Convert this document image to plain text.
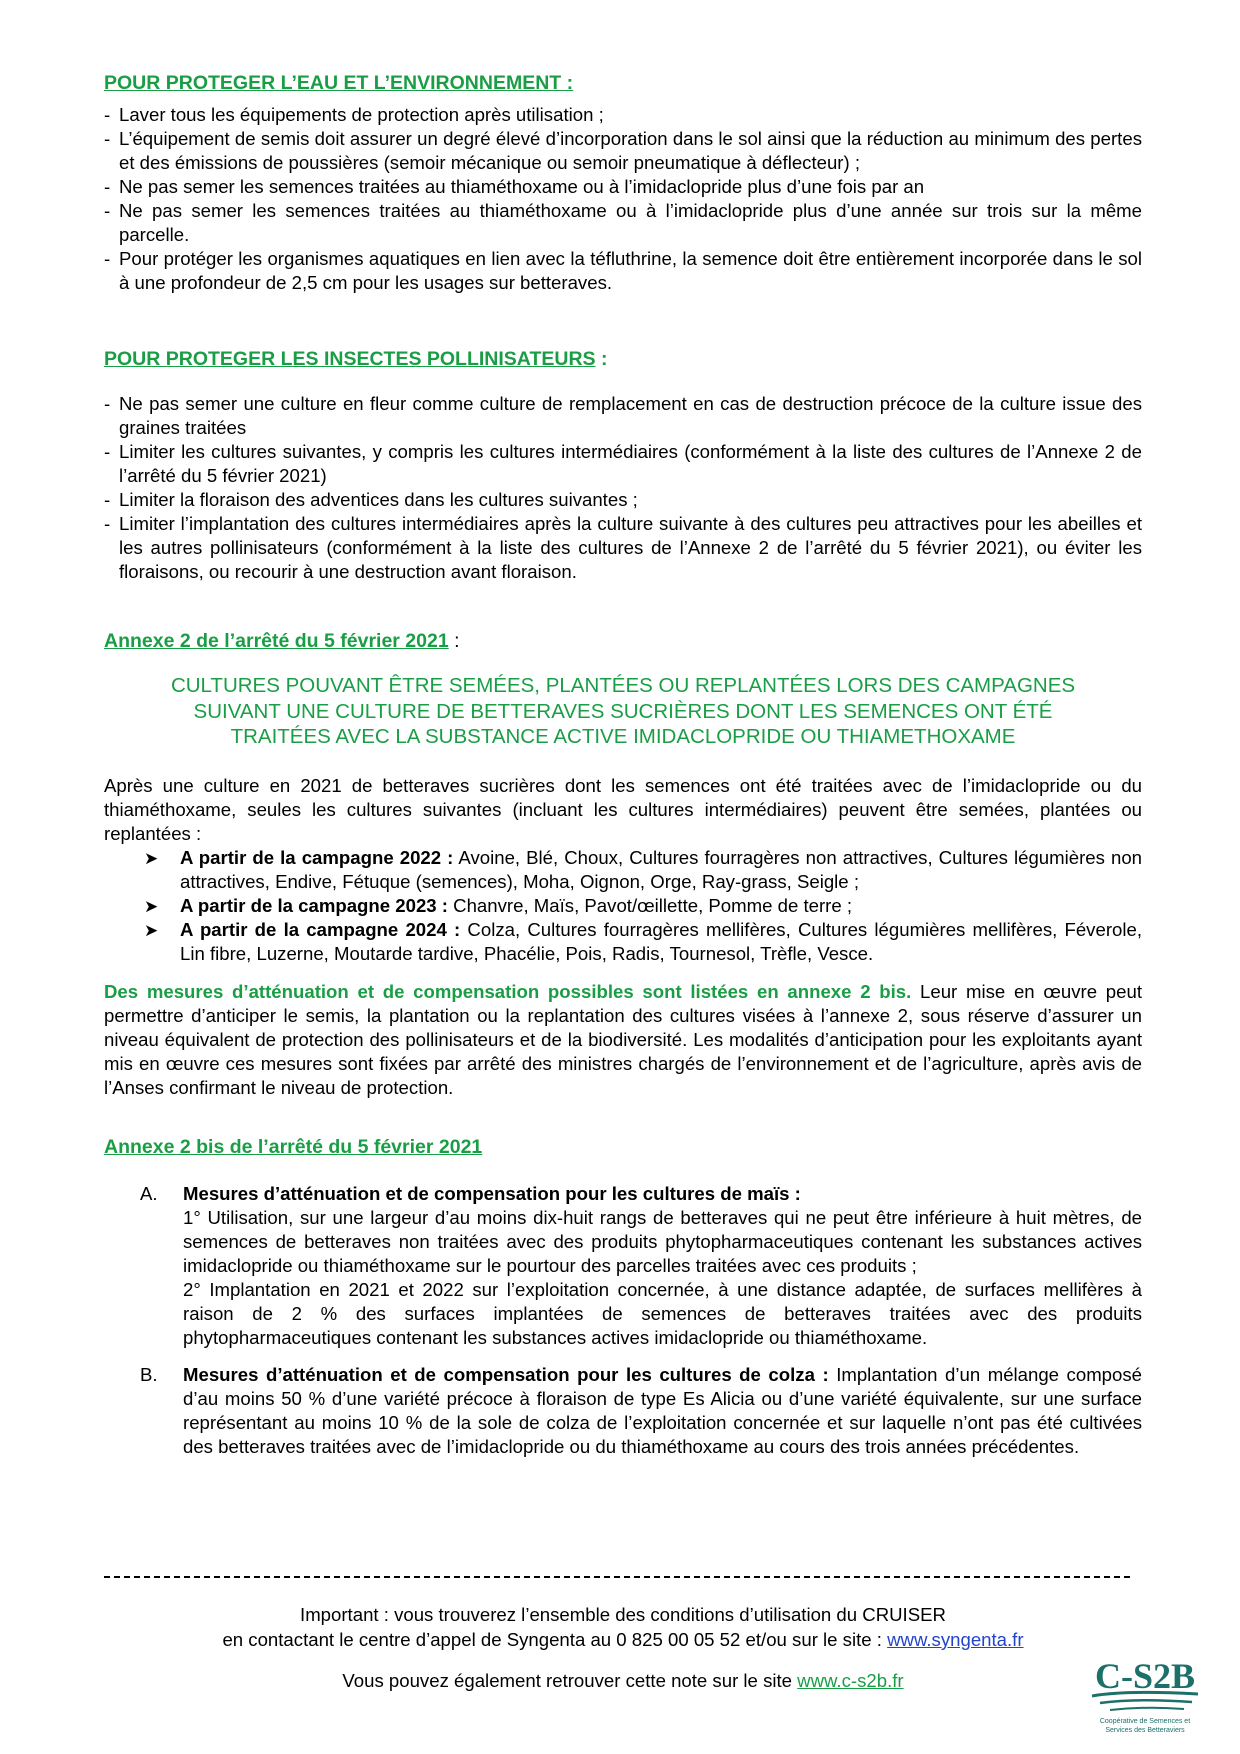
POUR PROTEGER L’EAU ET L’ENVIRONNEMENT :
- Laver tous les équipements de protection après utilisation ;
- L’équipement de semis doit assurer un degré élevé d’incorporation dans le sol ainsi que la réduction au minimum des pertes et des émissions de poussières (semoir mécanique ou semoir pneumatique à déflecteur) ;
- Ne pas semer les semences traitées au thiaméthoxame ou à l’imidaclopride plus d’une fois par an
- Ne pas semer les semences traitées au thiaméthoxame ou à l’imidaclopride plus d’une année sur trois sur la même parcelle.
- Pour protéger les organismes aquatiques en lien avec la téfluthrine, la semence doit être entièrement incorporée dans le sol à une profondeur de 2,5 cm pour les usages sur betteraves.
POUR PROTEGER LES INSECTES POLLINISATEURS :
- Ne pas semer une culture en fleur comme culture de remplacement en cas de destruction précoce de la culture issue des graines traitées
- Limiter les cultures suivantes, y compris les cultures intermédiaires (conformément à la liste des cultures de l’Annexe 2 de l’arrêté du 5 février 2021)
- Limiter la floraison des adventices dans les cultures suivantes ;
- Limiter l’implantation des cultures intermédiaires après la culture suivante à des cultures peu attractives pour les abeilles et les autres pollinisateurs (conformément à la liste des cultures de l’Annexe 2 de l’arrêté du 5 février 2021), ou éviter les floraisons, ou recourir à une destruction avant floraison.
Annexe 2 de l’arrêté du 5 février 2021 :
CULTURES POUVANT ÊTRE SEMÉES, PLANTÉES OU REPLANTÉES LORS DES CAMPAGNES
SUIVANT UNE CULTURE DE BETTERAVES SUCRIÈRES DONT LES SEMENCES ONT ÉTÉ
TRAITÉES AVEC LA SUBSTANCE ACTIVE IMIDACLOPRIDE OU THIAMETHOXAME
Après une culture en 2021 de betteraves sucrières dont les semences ont été traitées avec de l’imidaclopride ou du thiaméthoxame, seules les cultures suivantes (incluant les cultures intermédiaires) peuvent être semées, plantées ou replantées :
➤ A partir de la campagne 2022 : Avoine, Blé, Choux, Cultures fourragères non attractives, Cultures légumières non attractives, Endive, Fétuque (semences), Moha, Oignon, Orge, Ray-grass, Seigle ;
➤ A partir de la campagne 2023 : Chanvre, Maïs, Pavot/œillette, Pomme de terre ;
➤ A partir de la campagne 2024 : Colza, Cultures fourragères mellifères, Cultures légumières mellifères, Féverole, Lin fibre, Luzerne, Moutarde tardive, Phacélie, Pois, Radis, Tournesol, Trèfle, Vesce.
Des mesures d’atténuation et de compensation possibles sont listées en annexe 2 bis. Leur mise en œuvre peut permettre d’anticiper le semis, la plantation ou la replantation des cultures visées à l’annexe 2, sous réserve d’assurer un niveau équivalent de protection des pollinisateurs et de la biodiversité. Les modalités d’anticipation pour les exploitants ayant mis en œuvre ces mesures sont fixées par arrêté des ministres chargés de l’environnement et de l’agriculture, après avis de l’Anses confirmant le niveau de protection.
Annexe 2 bis de l’arrêté du 5 février 2021
A. Mesures d’atténuation et de compensation pour les cultures de maïs :
1° Utilisation, sur une largeur d’au moins dix-huit rangs de betteraves qui ne peut être inférieure à huit mètres, de semences de betteraves non traitées avec des produits phytopharmaceutiques contenant les substances actives imidaclopride ou thiaméthoxame sur le pourtour des parcelles traitées avec ces produits ;
2° Implantation en 2021 et 2022 sur l’exploitation concernée, à une distance adaptée, de surfaces mellifères à raison de 2 % des surfaces implantées de semences de betteraves traitées avec des produits phytopharmaceutiques contenant les substances actives imidaclopride ou thiaméthoxame.
B. Mesures d’atténuation et de compensation pour les cultures de colza : Implantation d’un mélange composé d’au moins 50 % d’une variété précoce à floraison de type Es Alicia ou d’une variété équivalente, sur une surface représentant au moins 10 % de la sole de colza de l’exploitation concernée et sur laquelle n’ont pas été cultivées des betteraves traitées avec de l’imidaclopride ou du thiaméthoxame au cours des trois années précédentes.
Important : vous trouverez l’ensemble des conditions d’utilisation du CRUISER
en contactant le centre d’appel de Syngenta au 0 825 00 05 52 et/ou sur le site : www.syngenta.fr
Vous pouvez également retrouver cette note sur le site www.c-s2b.fr	C-S2B
Coopérative de Semences et
Services des Betteraviers
